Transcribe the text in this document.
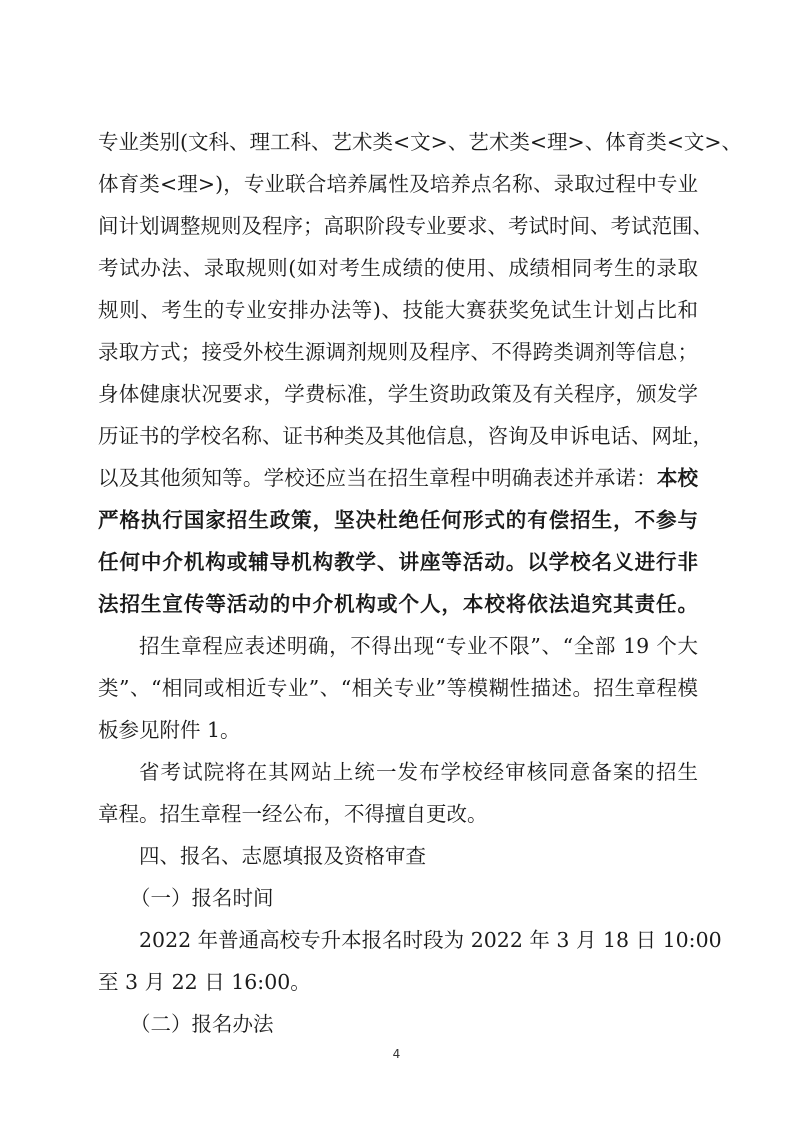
专业类别(文科、理工科、艺术类<文>、艺术类<理>、体育类<文>、
体育类<理>)，专业联合培养属性及培养点名称、录取过程中专业
间计划调整规则及程序；高职阶段专业要求、考试时间、考试范围、
考试办法、录取规则(如对考生成绩的使用、成绩相同考生的录取
规则、考生的专业安排办法等)、技能大赛获奖免试生计划占比和
录取方式；接受外校生源调剂规则及程序、不得跨类调剂等信息；
身体健康状况要求，学费标准，学生资助政策及有关程序，颁发学
历证书的学校名称、证书种类及其他信息，咨询及申诉电话、网址，
以及其他须知等。学校还应当在招生章程中明确表述并承诺：本校
严格执行国家招生政策，坚决杜绝任何形式的有偿招生，不参与
任何中介机构或辅导机构教学、讲座等活动。以学校名义进行非
法招生宣传等活动的中介机构或个人，本校将依法追究其责任。
招生章程应表述明确，不得出现“专业不限”、“全部 19 个大
类”、“相同或相近专业”、“相关专业”等模糊性描述。招生章程模
板参见附件 1。
省考试院将在其网站上统一发布学校经审核同意备案的招生
章程。招生章程一经公布，不得擅自更改。
四、报名、志愿填报及资格审查
（一）报名时间
2022 年普通高校专升本报名时段为 2022 年 3 月 18 日 10:00
至 3 月 22 日 16:00。
（二）报名办法
4
